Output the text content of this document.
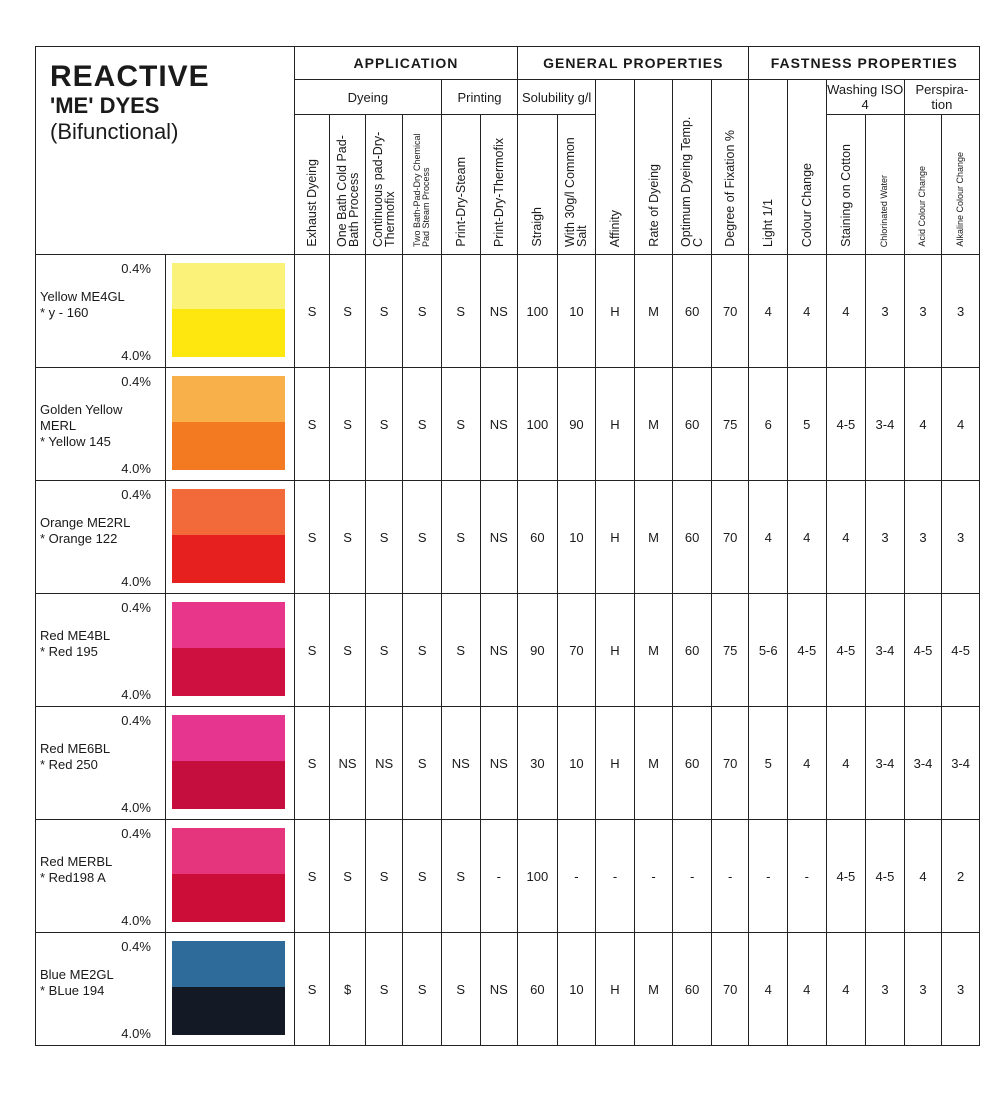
REACTIVE
'ME' DYES
(Bifunctional)		APPLICATION						GENERAL PROPERTIES						FASTNESS PROPERTIES					
		Dyeing				Printing		Solubility g/l		Affinity	Rate of Dyeing	Optimum Dyeing Temp. C	Degree of Fixation %	Light 1/1	Colour Change	Washing ISO 4		Perspira- tion	
		Exhaust Dyeing	One Bath Cold Pad-Bath Process	Continuous pad-Dry-Thermofix	Two Bath-Pad-Dry Chemical Pad Steam Process	Print-Dry-Steam	Print-Dry-Thermofix	Straigh	With 30g/l Common Salt							Staining on Cotton	Chlorinated Water	Acid Colour Change	Alkaline Colour Change

0.4%
Yellow ME4GL
* y - 160
4.0%		S	S	S	S	S	NS	100	10	H	M	60	70	4	4	4	3	3	3

0.4%
Golden Yellow MERL
* Yellow 145
4.0%		S	S	S	S	S	NS	100	90	H	M	60	75	6	5	4-5	3-4	4	4

0.4%
Orange ME2RL
* Orange 122
4.0%		S	S	S	S	S	NS	60	10	H	M	60	70	4	4	4	3	3	3

0.4%
Red ME4BL
* Red 195
4.0%		S	S	S	S	S	NS	90	70	H	M	60	75	5-6	4-5	4-5	3-4	4-5	4-5

0.4%
Red ME6BL
* Red 250
4.0%		S	NS	NS	S	NS	NS	30	10	H	M	60	70	5	4	4	3-4	3-4	3-4

0.4%
Red MERBL
* Red198 A
4.0%		S	S	S	S	S	-	100	-	-	-	-	-	-	-	4-5	4-5	4	2

0.4%
Blue ME2GL
* BLue 194
4.0%		S	$	S	S	S	NS	60	10	H	M	60	70	4	4	4	3	3	3
